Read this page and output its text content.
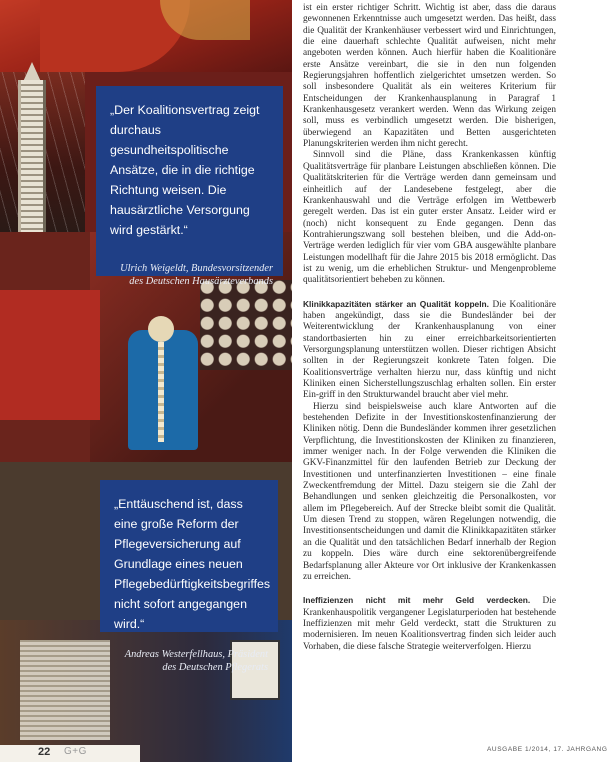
„Der Koalitionsvertrag zeigt durchaus gesundheitspolitische Ansätze, die in die richtige Richtung weisen. Die hausärztliche Versorgung wird gestärkt.“

Ulrich Weigeldt, Bundesvorsitzender des Deutschen Hausärzteverbands

„Enttäuschend ist, dass eine große Reform der Pflegeversicherung auf Grundlage eines neuen Pflegebedürftigkeitsbegriffes nicht sofort angegangen wird.“

Andreas Westerfellhaus, Präsident des Deutschen Pflegerats

ist ein erster richtiger Schritt. Wichtig ist aber, dass die daraus gewonnenen Erkenntnisse auch umgesetzt werden. Das heißt, dass die Qualität der Krankenhäuser verbessert wird und Einrichtungen, die eine dauerhaft schlechte Qualität aufweisen, nicht mehr angeboten werden können. Auch hierfür haben die Koalitionäre erste Ansätze vereinbart, die sie in den nun folgenden Regierungsjahren hoffentlich zielgerichtet umsetzen werden. So soll insbesondere Qualität als ein weiteres Kriterium für Entscheidungen der Krankenhausplanung in Paragraf 1 Krankenhausgesetz verankert werden. Wenn das Wirkung zeigen soll, muss es verbindlich umgesetzt werden. Die bisherigen, überwiegend an Kapazitäten und Betten ausgerichteten Planungskriterien werden ihm nicht gerecht.

Sinnvoll sind die Pläne, dass Krankenkassen künftig Qualitätsverträge für planbare Leistungen abschließen können. Die Qualitätskriterien für die Verträge werden dann gemeinsam und einheitlich auf der Landesebene festgelegt, aber die Krankenhauswahl und die Verträge erfolgen im Wettbewerb geregelt werden. Das ist ein guter erster Ansatz. Leider wird er (noch) nicht konsequent zu Ende gegangen. Denn das Kontrahierungszwang soll bestehen bleiben, und die Add-on-Verträge werden lediglich für vier vom GBA ausgewählte planbare Leistungen modellhaft für die Jahre 2015 bis 2018 ermöglicht. Das ist zu wenig, um die erheblichen Struktur- und Mengenprobleme qualitätsorientiert beheben zu können.

Klinikkapazitäten stärker an Qualität koppeln. Die Koalitionäre haben angekündigt, dass sie die Bundesländer bei der Weiterentwicklung der Krankenhausplanung von einer standortbasierten hin zu einer erreichbarkeitsorientierten Versorgungsplanung unterstützen wollen. Dieser richtigen Absicht sollten in der Regierungszeit konkrete Taten folgen. Die Koalitionsverträge verhalten hierzu nur, dass künftig und nicht Kliniken einen Sicherstellungszuschlag erhalten sollen. Ein erster Ein-griff in den Strukturwandel braucht aber viel mehr.

Hierzu sind beispielsweise auch klare Antworten auf die bestehenden Defizite in der Investitionskostenfinanzierung der Kliniken nötig. Denn die Bundesländer kommen ihrer gesetzlichen Verpflichtung, die Investitionskosten der Kliniken zu finanzieren, immer weniger nach. In der Folge verwenden die Kliniken die GKV-Finanzmittel für den laufenden Betrieb zur Deckung der Investitionen und unterfinanzierten Investitionen – eine finale Zweckentfremdung der Mittel. Dazu steigern sie die Zahl der Behandlungen und senken gleichzeitig die Personalkosten, vor allem im Pflegebereich. Auf der Strecke bleibt somit die Qualität. Um diesen Trend zu stoppen, wären Regelungen notwendig, die Investitionsentscheidungen und damit die Klinikkapazitäten stärker an die Qualität und den tatsächlichen Bedarf innerhalb der Region zu koppeln. Dies wäre durch eine sektorenübergreifende Bedarfsplanung aller Akteure vor Ort inklusive der Krankenkassen zu erreichen.

Ineffizienzen nicht mit mehr Geld verdecken. Die Krankenhauspolitik vergangener Legislaturperioden hat bestehende Ineffizienzen mit mehr Geld verdeckt, statt die Strukturen zu modernisieren. Im neuen Koalitionsvertrag finden sich leider auch Vorhaben, die diese falsche Strategie weiterverfolgen. Hierzu

22 G+G	AUSGABE 1/2014, 17. JAHRGANG
